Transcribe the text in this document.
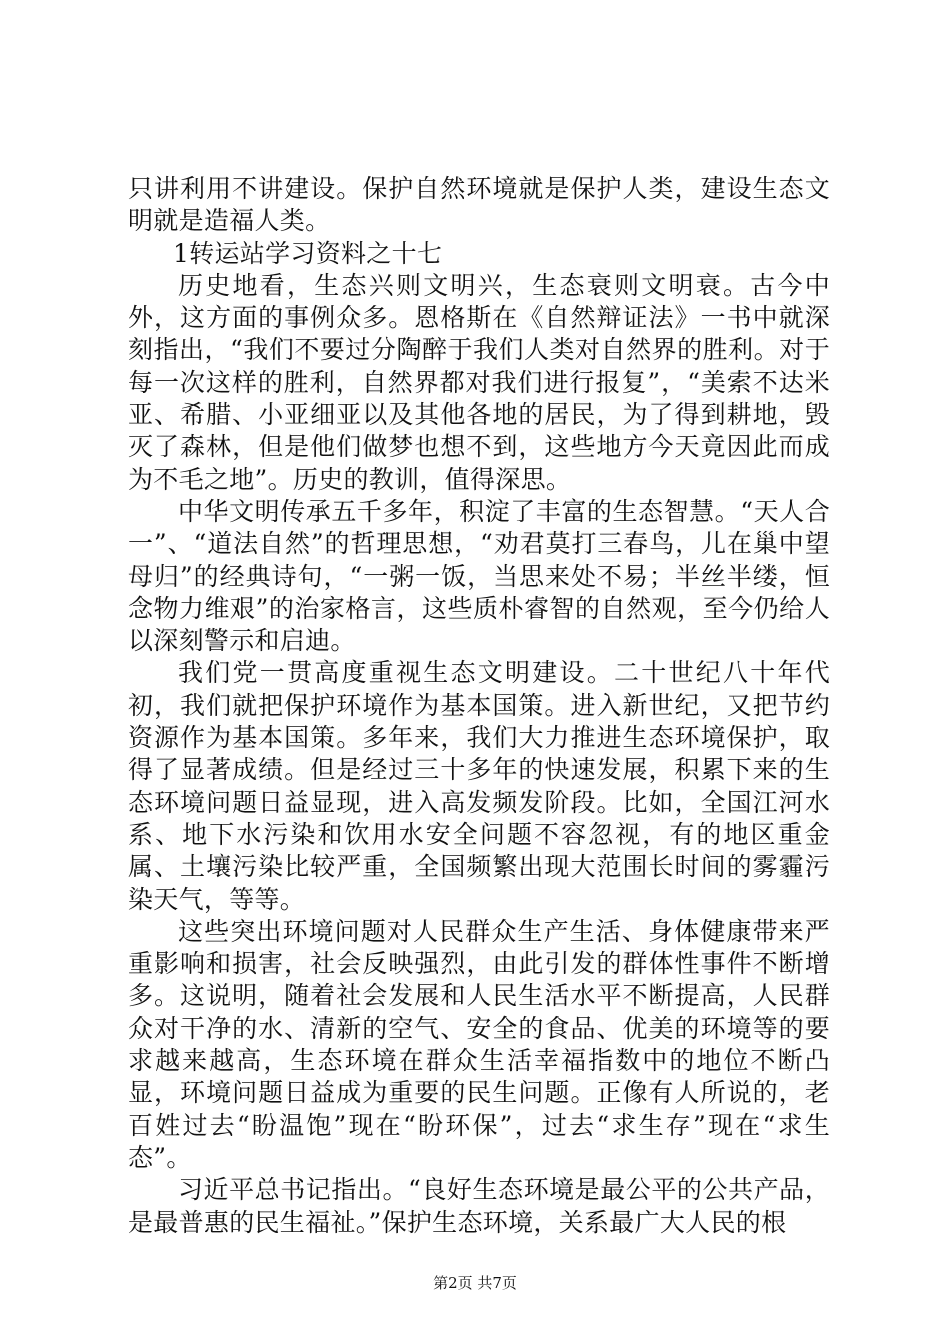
只讲利用不讲建设。保护自然环境就是保护人类，建设生态文明就是造福人类。

1转运站学习资料之十七

历史地看，生态兴则文明兴，生态衰则文明衰。古今中外，这方面的事例众多。恩格斯在《自然辩证法》一书中就深刻指出，“我们不要过分陶醉于我们人类对自然界的胜利。对于每一次这样的胜利，自然界都对我们进行报复”，“美索不达米亚、希腊、小亚细亚以及其他各地的居民，为了得到耕地，毁灭了森林，但是他们做梦也想不到，这些地方今天竟因此而成为不毛之地”。历史的教训，值得深思。

中华文明传承五千多年，积淀了丰富的生态智慧。“天人合一”、“道法自然”的哲理思想，“劝君莫打三春鸟，儿在巢中望母归”的经典诗句，“一粥一饭，当思来处不易；半丝半缕，恒念物力维艰”的治家格言，这些质朴睿智的自然观，至今仍给人以深刻警示和启迪。

我们党一贯高度重视生态文明建设。二十世纪八十年代初，我们就把保护环境作为基本国策。进入新世纪，又把节约资源作为基本国策。多年来，我们大力推进生态环境保护，取得了显著成绩。但是经过三十多年的快速发展，积累下来的生态环境问题日益显现，进入高发频发阶段。比如，全国江河水系、地下水污染和饮用水安全问题不容忽视，有的地区重金属、土壤污染比较严重，全国频繁出现大范围长时间的雾霾污染天气，等等。

这些突出环境问题对人民群众生产生活、身体健康带来严重影响和损害，社会反映强烈，由此引发的群体性事件不断增多。这说明，随着社会发展和人民生活水平不断提高，人民群众对干净的水、清新的空气、安全的食品、优美的环境等的要求越来越高，生态环境在群众生活幸福指数中的地位不断凸显，环境问题日益成为重要的民生问题。正像有人所说的，老百姓过去“盼温饱”现在“盼环保”，过去“求生存”现在“求生态”。

习近平总书记指出。“良好生态环境是最公平的公共产品，是最普惠的民生福祉。”保护生态环境，关系最广大人民的根

第2页 共7页
